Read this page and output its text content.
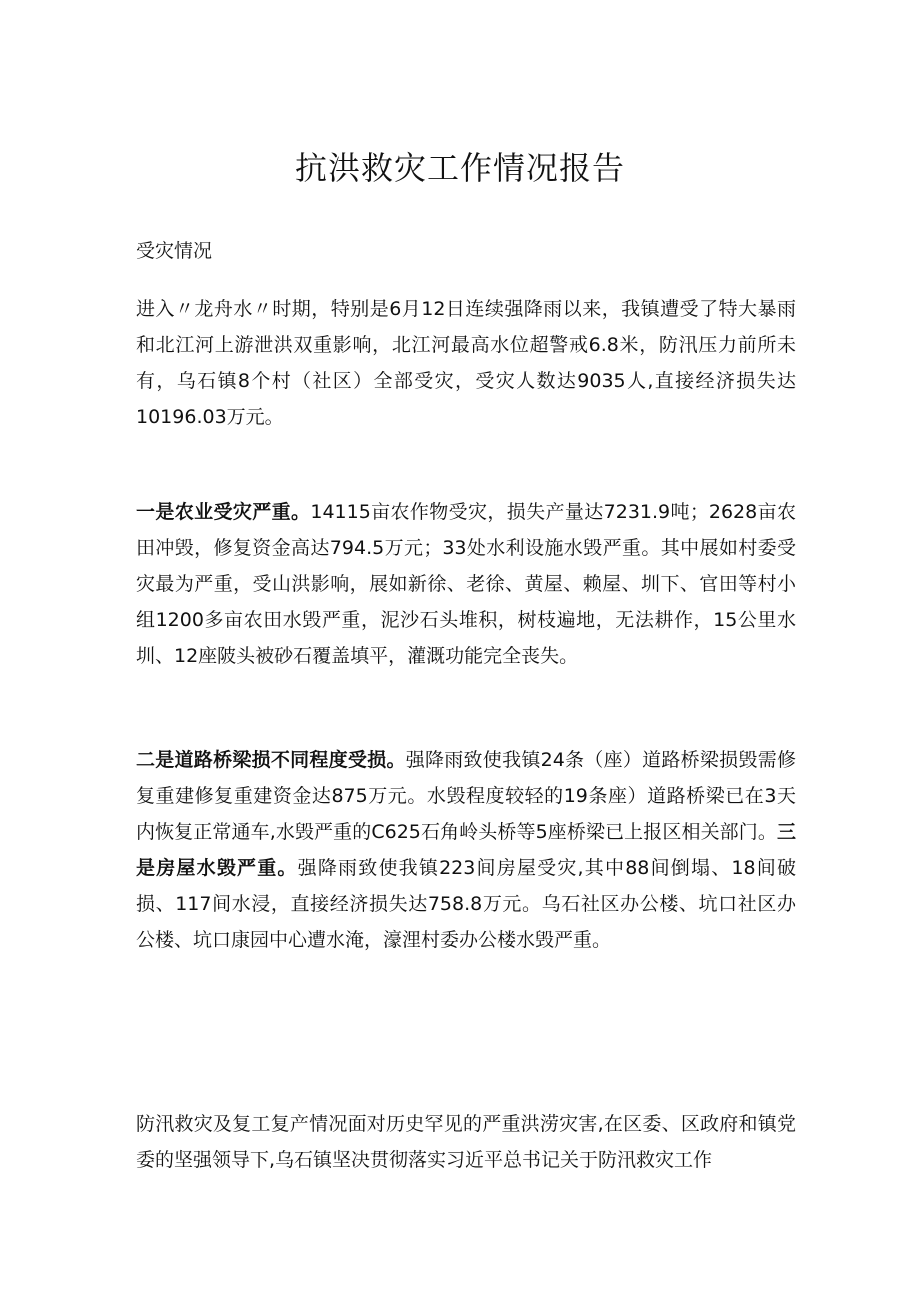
抗洪救灾工作情况报告
受灾情况

进入〃龙舟水〃时期，特别是6月12日连续强降雨以来，我镇遭受了特大暴雨和北江河上游泄洪双重影响，北江河最高水位超警戒6.8米，防汛压力前所未有，乌石镇8个村（社区）全部受灾，受灾人数达9035人,直接经济损失达10196.03万元。

一是农业受灾严重。14115亩农作物受灾，损失产量达7231.9吨；2628亩农田冲毁，修复资金高达794.5万元；33处水利设施水毁严重。其中展如村委受灾最为严重，受山洪影响，展如新徐、老徐、黄屋、赖屋、圳下、官田等村小组1200多亩农田水毁严重，泥沙石头堆积，树枝遍地，无法耕作，15公里水圳、12座陂头被砂石覆盖填平，灌溉功能完全丧失。

二是道路桥梁损不同程度受损。强降雨致使我镇24条（座）道路桥梁损毁需修复重建修复重建资金达875万元。水毁程度较轻的19条座）道路桥梁已在3天内恢复正常通车,水毁严重的C625石角岭头桥等5座桥梁已上报区相关部门。三是房屋水毁严重。强降雨致使我镇223间房屋受灾,其中88间倒塌、18间破损、117间水浸，直接经济损失达758.8万元。乌石社区办公楼、坑口社区办公楼、坑口康园中心遭水淹，濠浬村委办公楼水毁严重。

防汛救灾及复工复产情况面对历史罕见的严重洪涝灾害,在区委、区政府和镇党委的坚强领导下,乌石镇坚决贯彻落实习近平总书记关于防汛救灾工作
